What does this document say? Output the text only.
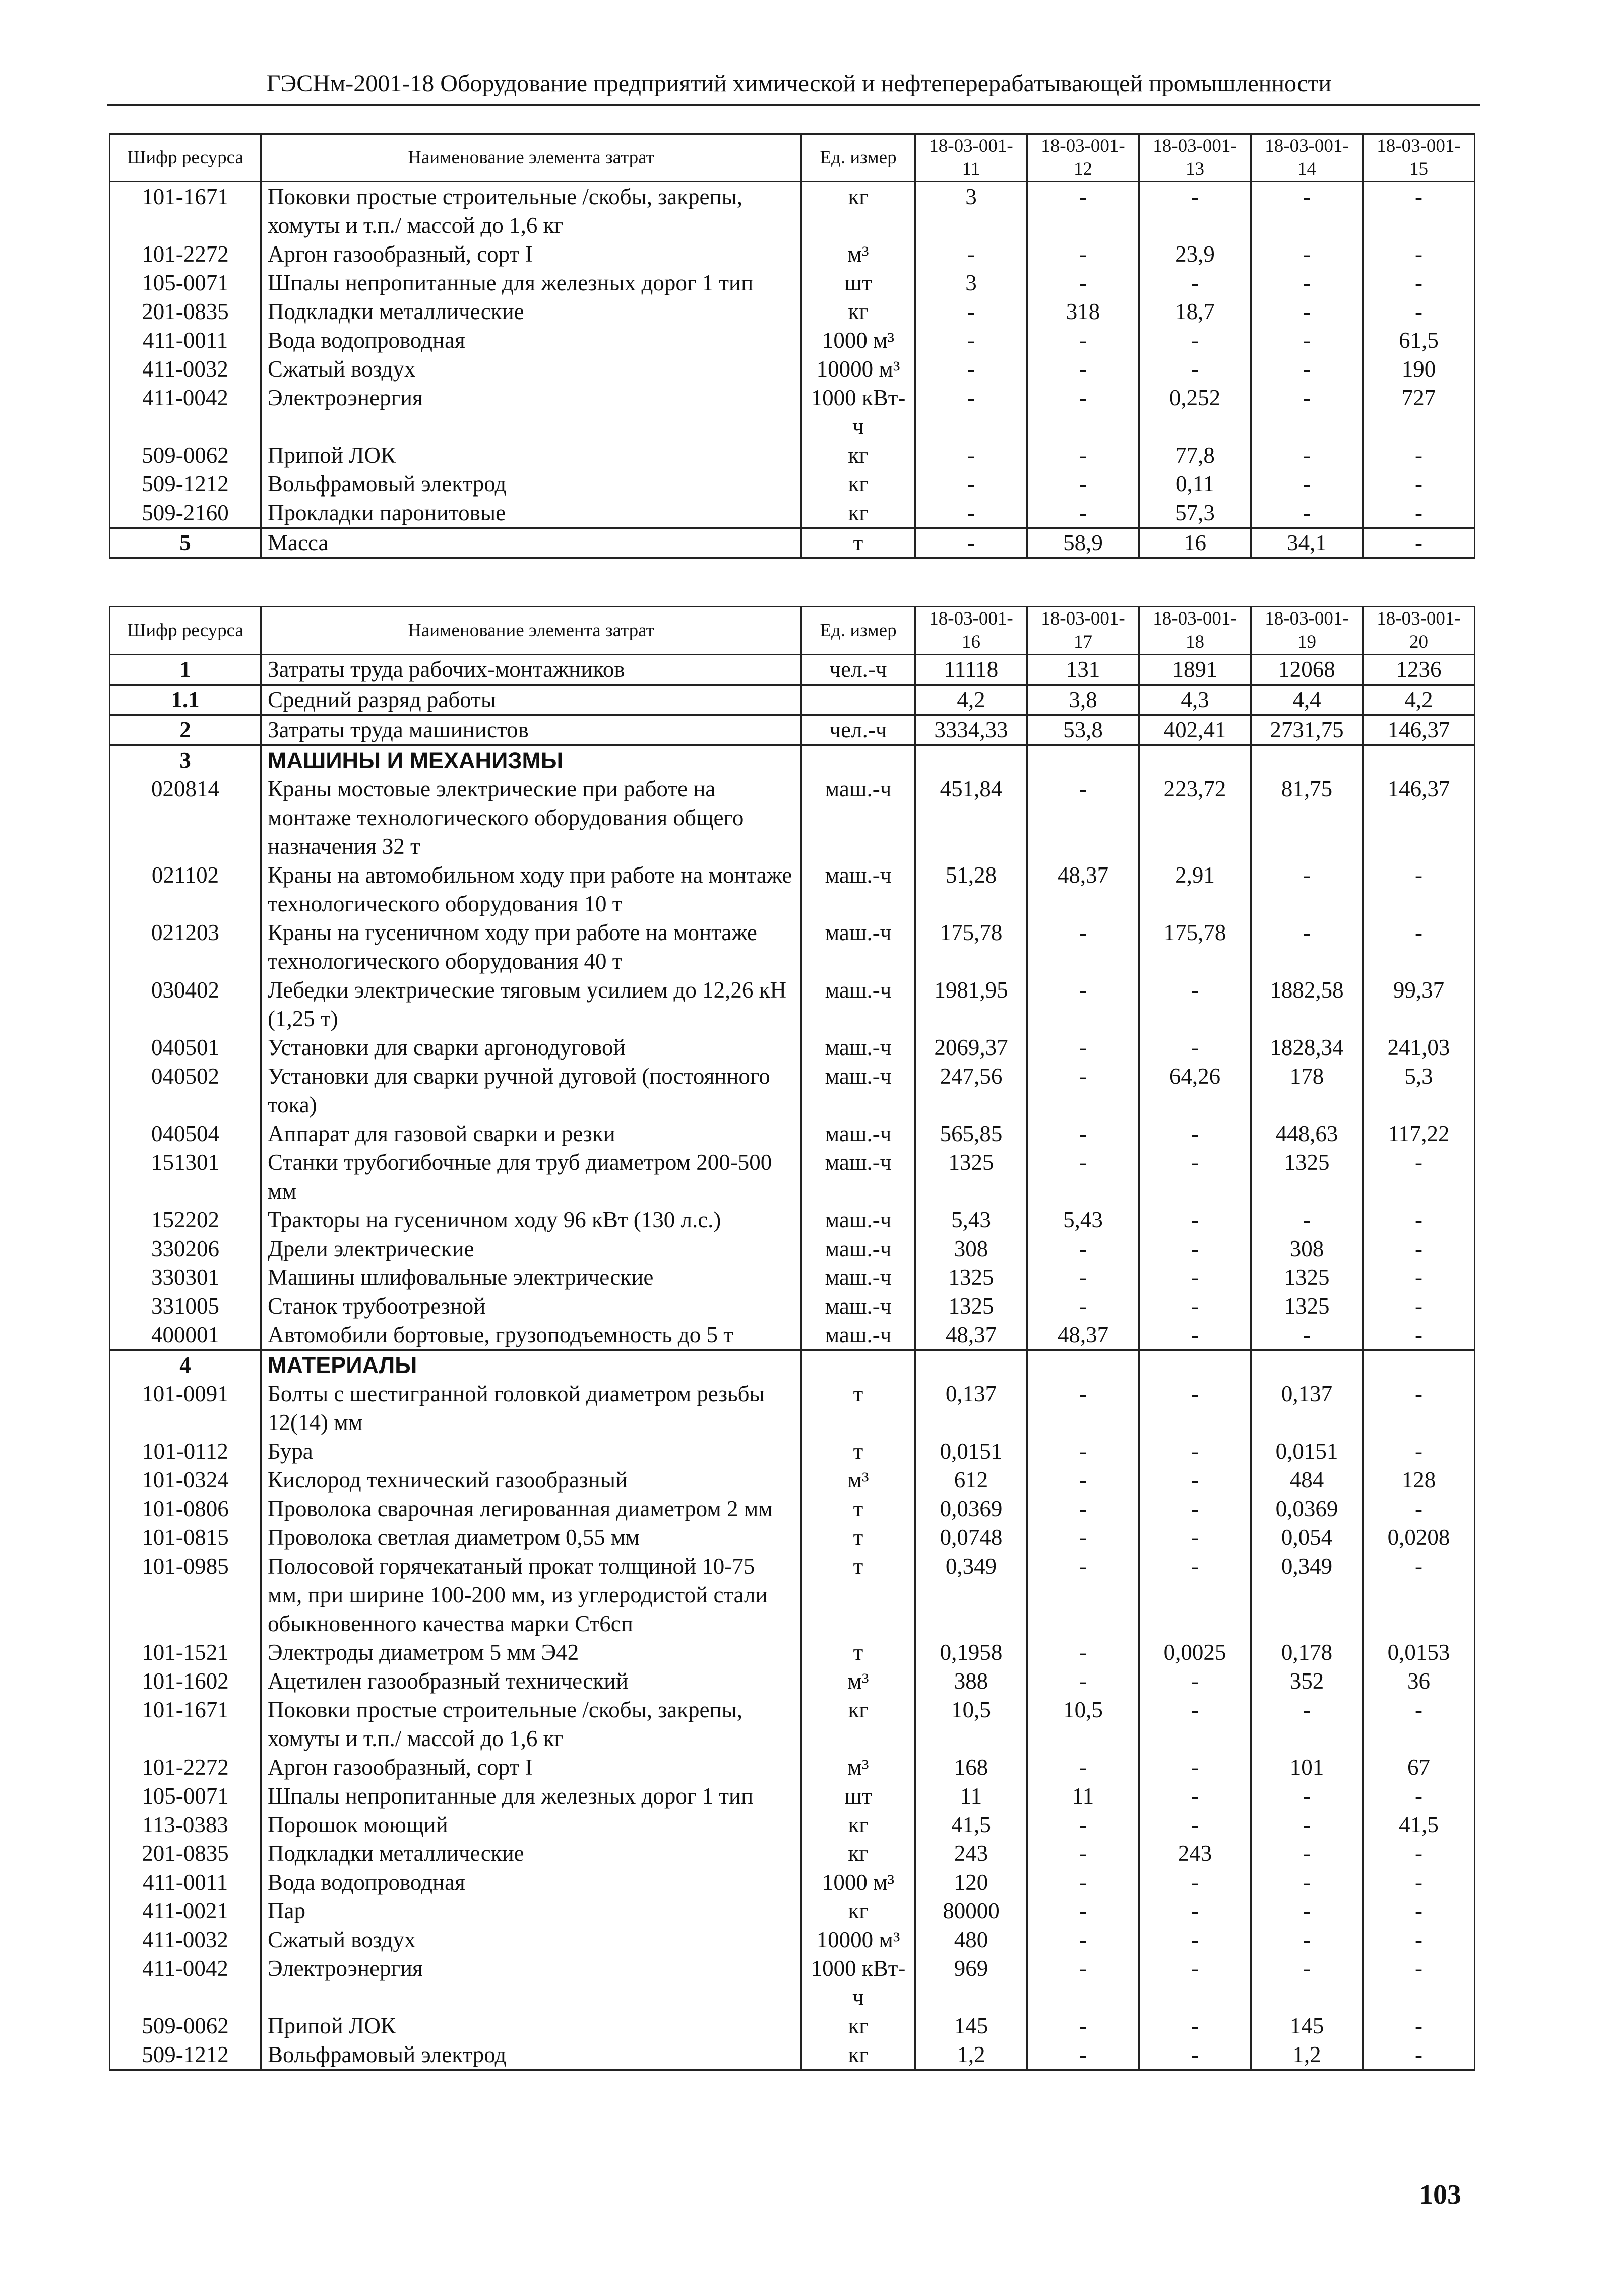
ГЭСНм-2001-18 Оборудование предприятий химической и нефтеперерабатывающей промышленности
Шифр ресурса	Наименование элемента затрат	Ед. измер	18-03-001-11	18-03-001-12	18-03-001-13	18-03-001-14	18-03-001-15
101-1671	Поковки простые строительные /скобы, закрепы, хомуты и т.п./ массой до 1,6 кг	кг	3	-	-	-	-
101-2272	Аргон газообразный, сорт I	м³	-	-	23,9	-	-
105-0071	Шпалы непропитанные для железных дорог 1 тип	шт	3	-	-	-	-
201-0835	Подкладки металлические	кг	-	318	18,7	-	-
411-0011	Вода водопроводная	1000 м³	-	-	-	-	61,5
411-0032	Сжатый воздух	10000 м³	-	-	-	-	190
411-0042	Электроэнергия	1000 кВт-ч	-	-	0,252	-	727
509-0062	Припой ЛОК	кг	-	-	77,8	-	-
509-1212	Вольфрамовый электрод	кг	-	-	0,11	-	-
509-2160	Прокладки паронитовые	кг	-	-	57,3	-	-
5	Масса	т	-	58,9	16	34,1	-
Шифр ресурса	Наименование элемента затрат	Ед. измер	18-03-001-16	18-03-001-17	18-03-001-18	18-03-001-19	18-03-001-20
1	Затраты труда рабочих-монтажников	чел.-ч	11118	131	1891	12068	1236
1.1	Средний разряд работы		4,2	3,8	4,3	4,4	4,2
2	Затраты труда машинистов	чел.-ч	3334,33	53,8	402,41	2731,75	146,37
3	МАШИНЫ И МЕХАНИЗМЫ						
020814	Краны мостовые электрические при работе на монтаже технологического оборудования общего назначения 32 т	маш.-ч	451,84	-	223,72	81,75	146,37
021102	Краны на автомобильном ходу при работе на монтаже технологического оборудования 10 т	маш.-ч	51,28	48,37	2,91	-	-
021203	Краны на гусеничном ходу при работе на монтаже технологического оборудования 40 т	маш.-ч	175,78	-	175,78	-	-
030402	Лебедки электрические тяговым усилием до 12,26 кН (1,25 т)	маш.-ч	1981,95	-	-	1882,58	99,37
040501	Установки для сварки аргонодуговой	маш.-ч	2069,37	-	-	1828,34	241,03
040502	Установки для сварки ручной дуговой (постоянного тока)	маш.-ч	247,56	-	64,26	178	5,3
040504	Аппарат для газовой сварки и резки	маш.-ч	565,85	-	-	448,63	117,22
151301	Станки трубогибочные для труб диаметром 200-500 мм	маш.-ч	1325	-	-	1325	-
152202	Тракторы на гусеничном ходу 96 кВт (130 л.с.)	маш.-ч	5,43	5,43	-	-	-
330206	Дрели электрические	маш.-ч	308	-	-	308	-
330301	Машины шлифовальные электрические	маш.-ч	1325	-	-	1325	-
331005	Станок трубоотрезной	маш.-ч	1325	-	-	1325	-
400001	Автомобили бортовые, грузоподъемность до 5 т	маш.-ч	48,37	48,37	-	-	-
4	МАТЕРИАЛЫ						
101-0091	Болты с шестигранной головкой диаметром резьбы 12(14) мм	т	0,137	-	-	0,137	-
101-0112	Бура	т	0,0151	-	-	0,0151	-
101-0324	Кислород технический газообразный	м³	612	-	-	484	128
101-0806	Проволока сварочная легированная диаметром 2 мм	т	0,0369	-	-	0,0369	-
101-0815	Проволока светлая диаметром 0,55 мм	т	0,0748	-	-	0,054	0,0208
101-0985	Полосовой горячекатаный прокат толщиной 10-75 мм, при ширине 100-200 мм, из углеродистой стали обыкновенного качества марки Ст6сп	т	0,349	-	-	0,349	-
101-1521	Электроды диаметром 5 мм Э42	т	0,1958	-	0,0025	0,178	0,0153
101-1602	Ацетилен газообразный технический	м³	388	-	-	352	36
101-1671	Поковки простые строительные /скобы, закрепы, хомуты и т.п./ массой до 1,6 кг	кг	10,5	10,5	-	-	-
101-2272	Аргон газообразный, сорт I	м³	168	-	-	101	67
105-0071	Шпалы непропитанные для железных дорог 1 тип	шт	11	11	-	-	-
113-0383	Порошок моющий	кг	41,5	-	-	-	41,5
201-0835	Подкладки металлические	кг	243	-	243	-	-
411-0011	Вода водопроводная	1000 м³	120	-	-	-	-
411-0021	Пар	кг	80000	-	-	-	-
411-0032	Сжатый воздух	10000 м³	480	-	-	-	-
411-0042	Электроэнергия	1000 кВт-ч	969	-	-	-	-
509-0062	Припой ЛОК	кг	145	-	-	145	-
509-1212	Вольфрамовый электрод	кг	1,2	-	-	1,2	-
103
